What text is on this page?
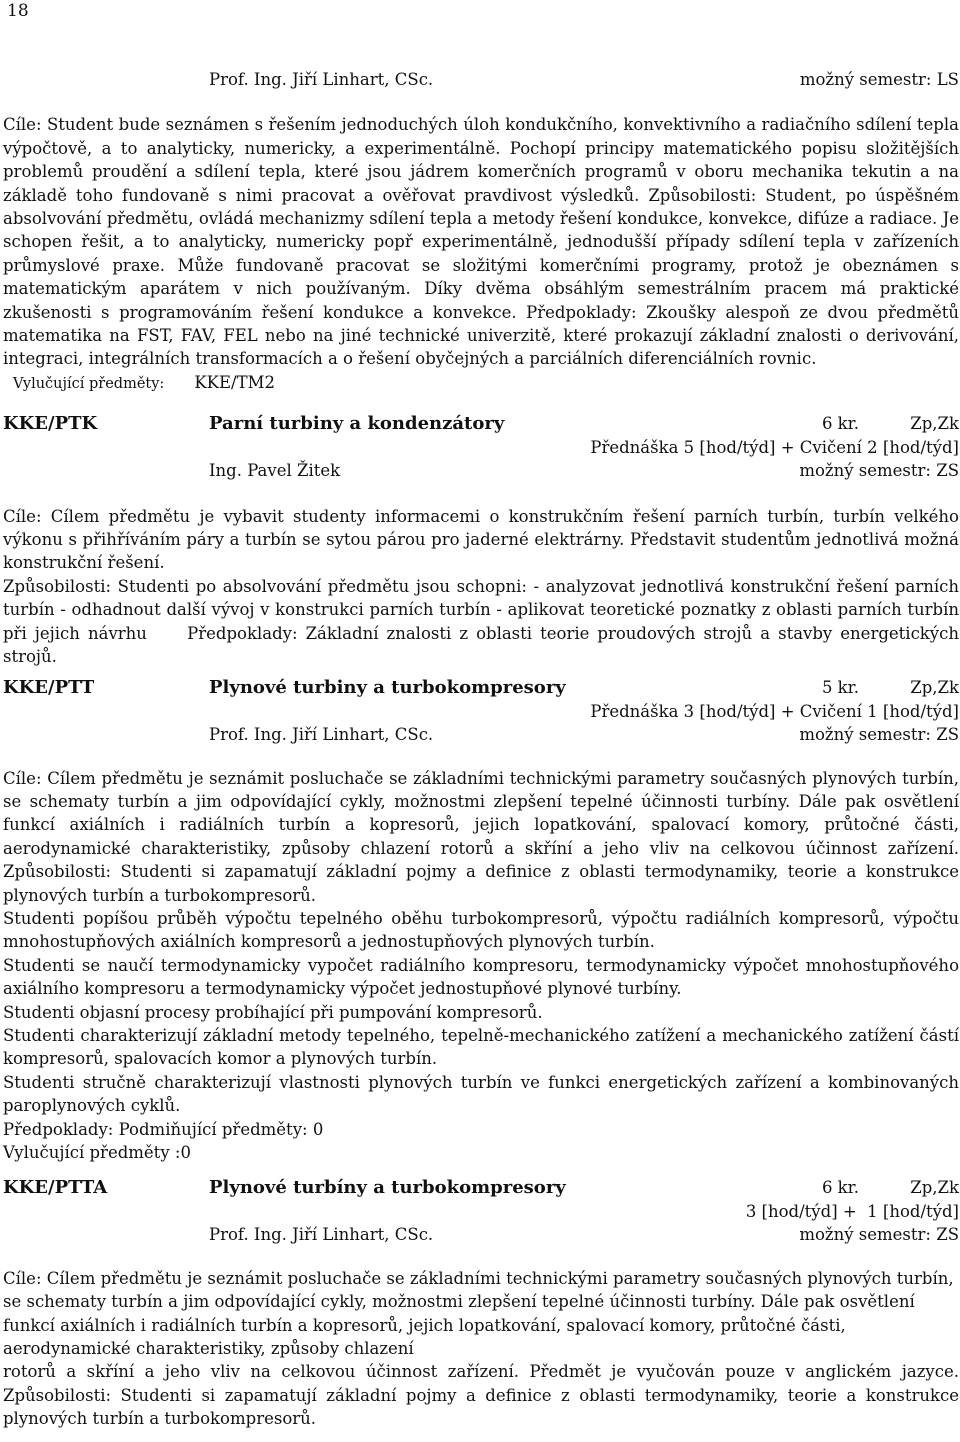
18
Prof. Ing. Jiří Linhart, CSc.	možný semestr: LS

Cíle: Student bude seznámen s řešením jednoduchých úloh kondukčního, konvektivního a radiačního sdílení tepla výpočtově, a to analyticky, numericky, a experimentálně. Pochopí principy matematického popisu složitějších problemů proudění a sdílení tepla, které jsou jádrem komerčních programů v oboru mechanika tekutin a na základě toho fundovaně s nimi pracovat a ověřovat pravdivost výsledků. Způsobilosti: Student, po úspěšném absolvování předmětu, ovládá mechanizmy sdílení tepla a metody řešení kondukce, konvekce, difúze a radiace. Je schopen řešit, a to analyticky, numericky popř experimentálně, jednodušší případy sdílení tepla v zařízeních průmyslové praxe. Může fundovaně pracovat se složitými komerčními programy, protož je obeznámen s matematickým aparátem v nich používaným. Díky dvěma obsáhlým semestrálním pracem má praktické zkušenosti s programováním řešení kondukce a konvekce. Předpoklady: Zkoušky alespoň ze dvou předmětů matematika na FST, FAV, FEL nebo na jiné technické univerzitě, které prokazují základní znalosti o derivování, integraci, integrálních transformacích a o řešení obyčejných a parciálních diferenciálních rovnic.

Vylučující předměty:	KKE/TM2
KKE/PTK	Parní turbiny a kondenzátory	6 kr.	Zp,Zk
Přednáška 5 [hod/týd] + Cvičení 2 [hod/týd]
Ing. Pavel Žitek	možný semestr: ZS

Cíle: Cílem předmětu je vybavit studenty informacemi o konstrukčním řešení parních turbín, turbín velkého výkonu s přihříváním páry a turbín se sytou párou pro jaderné elektrárny. Představit studentům jednotlivá možná konstrukční řešení.

Způsobilosti: Studenti po absolvování předmětu jsou schopni: - analyzovat jednotlivá konstrukční řešení parních turbín - odhadnout další vývoj v konstrukci parních turbín - aplikovat teoretické poznatky z oblasti parních turbín při jejich návrhu     Předpoklady: Základní znalosti z oblasti teorie proudových strojů a stavby energetických strojů.

KKE/PTT	Plynové turbiny a turbokompresory	5 kr.	Zp,Zk
Přednáška 3 [hod/týd] + Cvičení 1 [hod/týd]
Prof. Ing. Jiří Linhart, CSc.	možný semestr: ZS

Cíle: Cílem předmětu je seznámit posluchače se základními technickými parametry současných plynových turbín, se schematy turbín a jim odpovídající cykly, možnostmi zlepšení tepelné účinnosti turbíny. Dále pak osvětlení funkcí axiálních i radiálních turbín a kopresorů, jejich lopatkování, spalovací komory, průtočné části, aerodynamické charakteristiky, způsoby chlazení rotorů a skříní a jeho vliv na celkovou účinnost zařízení. Způsobilosti: Studenti si zapamatují základní pojmy a definice z oblasti termodynamiky, teorie a konstrukce plynových turbín a turbokompresorů.

Studenti popíšou průběh výpočtu tepelného oběhu turbokompresorů, výpočtu radiálních kompresorů, výpočtu mnohostupňových axiálních kompresorů a jednostupňových plynových turbín.

Studenti se naučí termodynamicky vypočet radiálního kompresoru, termodynamicky výpočet mnohostupňového axiálního kompresoru a termodynamicky výpočet jednostupňové plynové turbíny.

Studenti objasní procesy probíhající při pumpování kompresorů.

Studenti charakterizují základní metody tepelného, tepelně-mechanického zatížení a mechanického zatížení částí kompresorů, spalovacích komor a plynových turbín.

Studenti stručně charakterizují vlastnosti plynových turbín ve funkci energetických zařízení a kombinovaných paroplynových cyklů.

Předpoklady: Podmiňující předměty: 0

Vylučující předměty :0

KKE/PTTA	Plynové turbíny a turbokompresory	6 kr.	Zp,Zk
3 [hod/týd] +  1 [hod/týd]
Prof. Ing. Jiří Linhart, CSc.	možný semestr: ZS

Cíle: Cílem předmětu je seznámit posluchače se základními technickými parametry současných plynových turbín, se schematy turbín a jim odpovídající cykly, možnostmi zlepšení tepelné účinnosti turbíny. Dále pak osvětlení funkcí axiálních i radiálních turbín a kopresorů, jejich lopatkování, spalovací komory, průtočné části, aerodynamické charakteristiky, způsoby chlazení

rotorů a skříní a jeho vliv na celkovou účinnost zařízení. Předmět je vyučován pouze v anglickém jazyce. Způsobilosti: Studenti si zapamatují základní pojmy a definice z oblasti termodynamiky, teorie a konstrukce plynových turbín a turbokompresorů.
